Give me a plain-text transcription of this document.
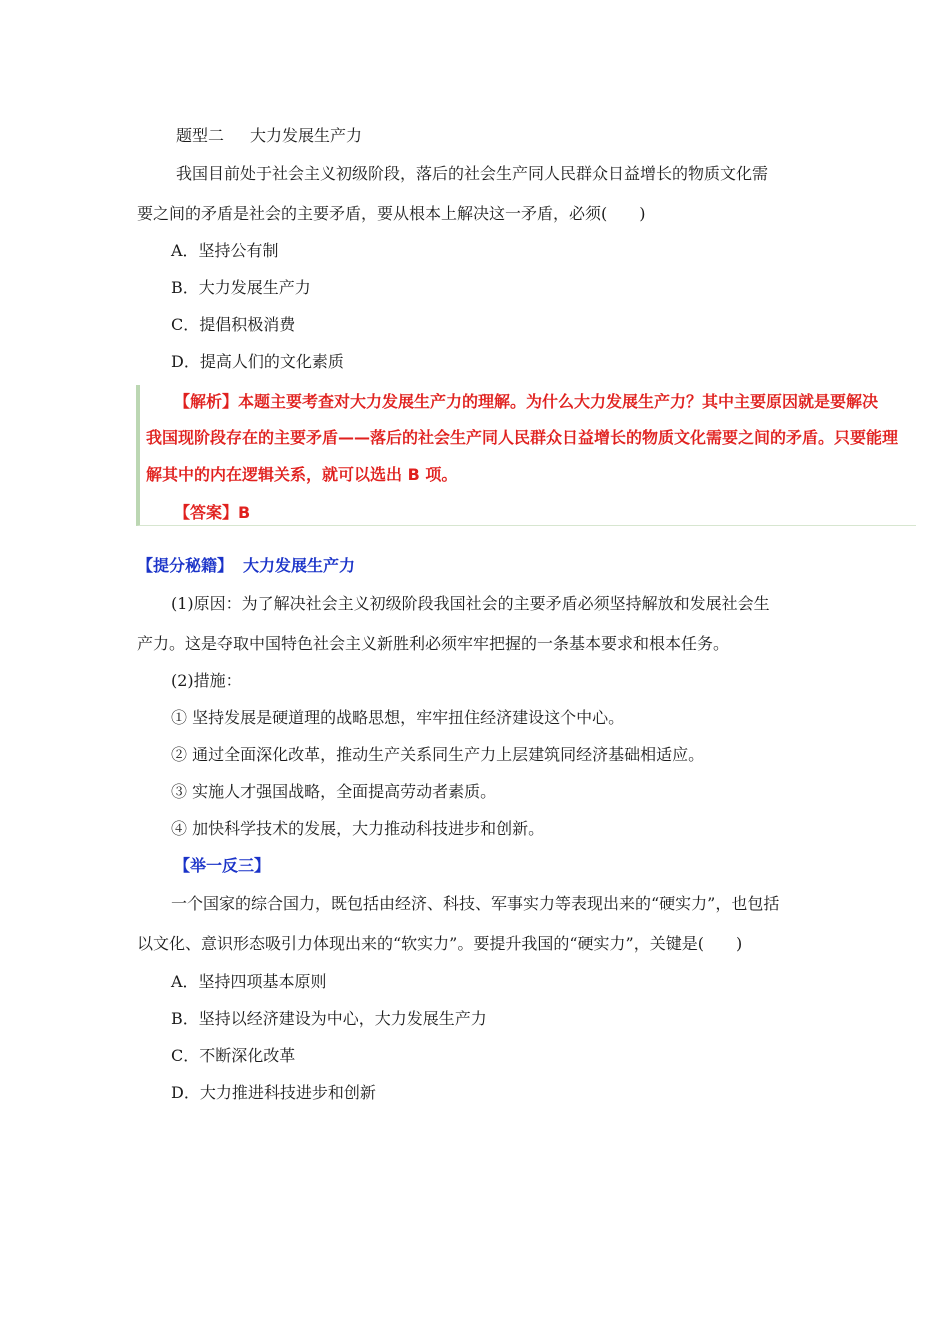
题型二 大力发展生产力
我国目前处于社会主义初级阶段，落后的社会生产同人民群众日益增长的物质文化需
要之间的矛盾是社会的主要矛盾，要从根本上解决这一矛盾，必须(　　)
A．坚持公有制
B．大力发展生产力
C．提倡积极消费
D．提高人们的文化素质
【解析】本题主要考查对大力发展生产力的理解。为什么大力发展生产力？其中主要原因就是要解决
我国现阶段存在的主要矛盾——落后的社会生产同人民群众日益增长的物质文化需要之间的矛盾。只要能理
解其中的内在逻辑关系，就可以选出 B 项。
【答案】B
【提分秘籍】 大力发展生产力
(1)原因：为了解决社会主义初级阶段我国社会的主要矛盾必须坚持解放和发展社会生
产力。这是夺取中国特色社会主义新胜利必须牢牢把握的一条基本要求和根本任务。
(2)措施：
① 坚持发展是硬道理的战略思想，牢牢扭住经济建设这个中心。
② 通过全面深化改革，推动生产关系同生产力上层建筑同经济基础相适应。
③ 实施人才强国战略，全面提高劳动者素质。
④ 加快科学技术的发展，大力推动科技进步和创新。
【举一反三】
一个国家的综合国力，既包括由经济、科技、军事实力等表现出来的“硬实力”，也包括
以文化、意识形态吸引力体现出来的“软实力”。要提升我国的“硬实力”，关键是(　　)
A．坚持四项基本原则
B．坚持以经济建设为中心，大力发展生产力
C．不断深化改革
D．大力推进科技进步和创新
